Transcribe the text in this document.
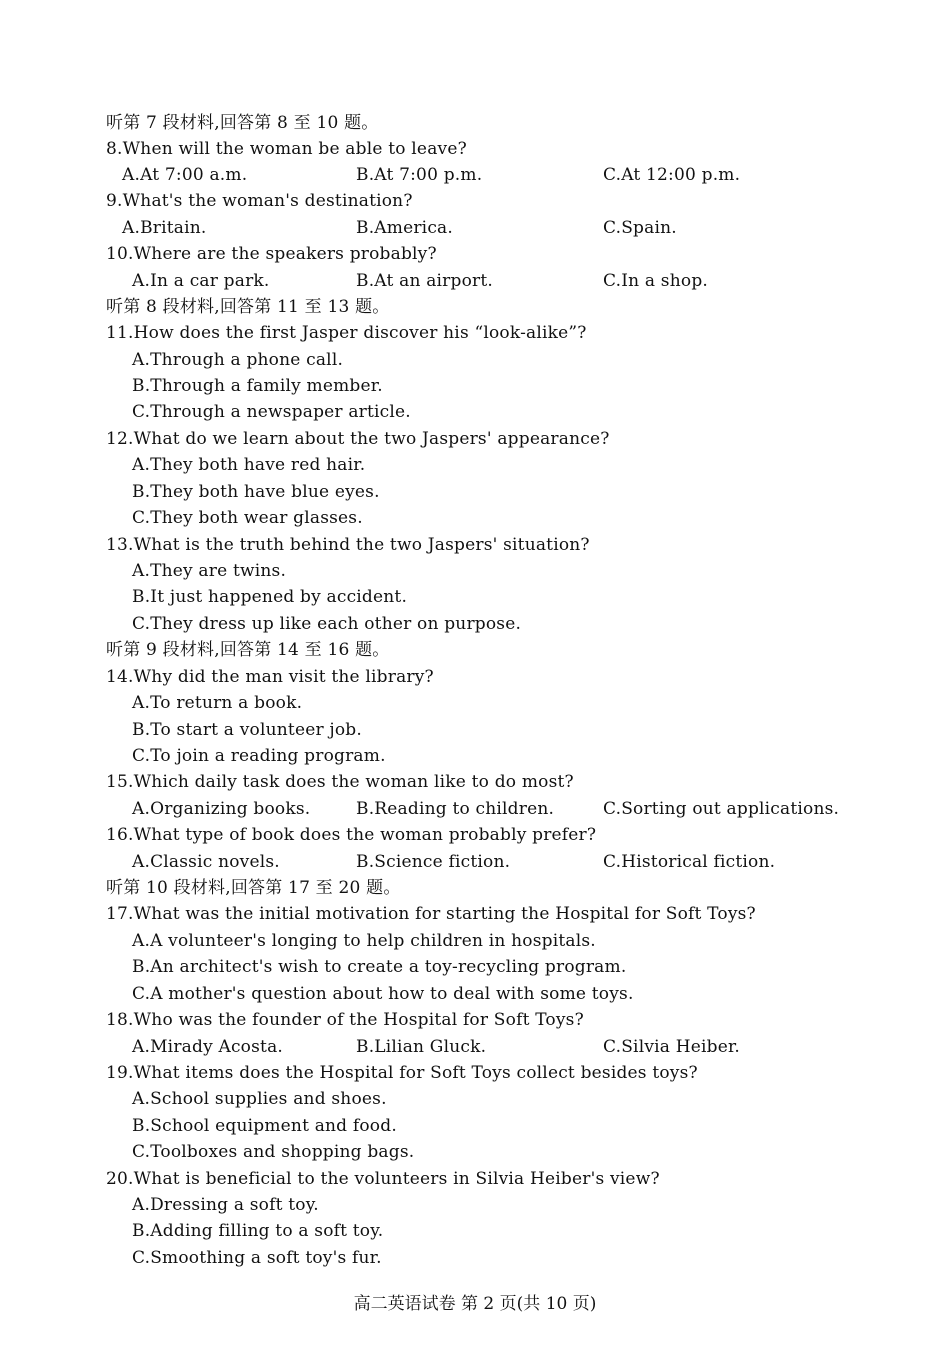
听第 7 段材料,回答第 8 至 10 题。
8.When will the woman be able to leave?
A.At 7:00 a.m.	B.At 7:00 p.m.	C.At 12:00 p.m.
9.What's the woman's destination?
A.Britain.	B.America.	C.Spain.
10.Where are the speakers probably?
A.In a car park.	B.At an airport.	C.In a shop.
听第 8 段材料,回答第 11 至 13 题。
11.How does the first Jasper discover his “look-alike”?
A.Through a phone call.
B.Through a family member.
C.Through a newspaper article.
12.What do we learn about the two Jaspers' appearance?
A.They both have red hair.
B.They both have blue eyes.
C.They both wear glasses.
13.What is the truth behind the two Jaspers' situation?
A.They are twins.
B.It just happened by accident.
C.They dress up like each other on purpose.
听第 9 段材料,回答第 14 至 16 题。
14.Why did the man visit the library?
A.To return a book.
B.To start a volunteer job.
C.To join a reading program.
15.Which daily task does the woman like to do most?
A.Organizing books.	B.Reading to children.	C.Sorting out applications.
16.What type of book does the woman probably prefer?
A.Classic novels.	B.Science fiction.	C.Historical fiction.
听第 10 段材料,回答第 17 至 20 题。
17.What was the initial motivation for starting the Hospital for Soft Toys?
A.A volunteer's longing to help children in hospitals.
B.An architect's wish to create a toy-recycling program.
C.A mother's question about how to deal with some toys.
18.Who was the founder of the Hospital for Soft Toys?
A.Mirady Acosta.	B.Lilian Gluck.	C.Silvia Heiber.
19.What items does the Hospital for Soft Toys collect besides toys?
A.School supplies and shoes.
B.School equipment and food.
C.Toolboxes and shopping bags.
20.What is beneficial to the volunteers in Silvia Heiber's view?
A.Dressing a soft toy.
B.Adding filling to a soft toy.
C.Smoothing a soft toy's fur.
高二英语试卷 第 2 页(共 10 页)
